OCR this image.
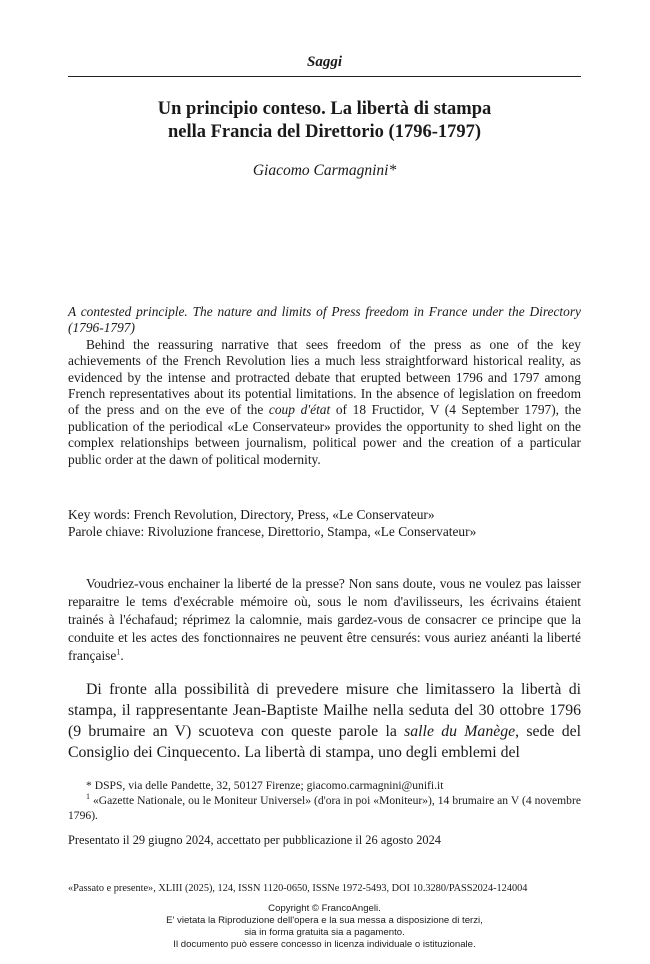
Saggi
Un principio conteso. La libertà di stampa
nella Francia del Direttorio (1796-1797)
Giacomo Carmagnini*
A contested principle. The nature and limits of Press freedom in France under the Directory (1796-1797)

Behind the reassuring narrative that sees freedom of the press as one of the key achievements of the French Revolution lies a much less straightforward historical reality, as evidenced by the intense and protracted debate that erupted between 1796 and 1797 among French representatives about its potential limitations. In the absence of legislation on freedom of the press and on the eve of the coup d'état of 18 Fructidor, V (4 September 1797), the publication of the periodical «Le Conservateur» provides the opportunity to shed light on the complex relationships between journalism, political power and the creation of a particular public order at the dawn of political modernity.

Key words: French Revolution, Directory, Press, «Le Conservateur»
Parole chiave: Rivoluzione francese, Direttorio, Stampa, «Le Conservateur»
Voudriez-vous enchainer la liberté de la presse? Non sans doute, vous ne voulez pas laisser reparaitre le tems d'exécrable mémoire où, sous le nom d'avilisseurs, les écrivains étaient trainés à l'échafaud; réprimez la calomnie, mais gardez-vous de consacrer ce principe que la conduite et les actes des fonctionnaires ne peuvent être censurés: vous auriez anéanti la liberté française$^1$.
Di fronte alla possibilità di prevedere misure che limitassero la libertà di stampa, il rappresentante Jean-Baptiste Mailhe nella seduta del 30 ottobre 1796 (9 brumaire an V) scuoteva con queste parole la salle du Manège, sede del Consiglio dei Cinquecento. La libertà di stampa, uno degli emblemi del

* DSPS, via delle Pandette, 32, 50127 Firenze; giacomo.carmagnini@unifi.it

$^1$ «Gazette Nationale, ou le Moniteur Universel» (d'ora in poi «Moniteur»), 14 brumaire an V (4 novembre 1796).

Presentato il 29 giugno 2024, accettato per pubblicazione il 26 agosto 2024
«Passato e presente», XLIII (2025), 124, ISSN 1120-0650, ISSNe 1972-5493, DOI 10.3280/PASS2024-124004
Copyright © FrancoAngeli.
E' vietata la Riproduzione dell'opera e la sua messa a disposizione di terzi,
sia in forma gratuita sia a pagamento.
Il documento può essere concesso in licenza individuale o istituzionale.
